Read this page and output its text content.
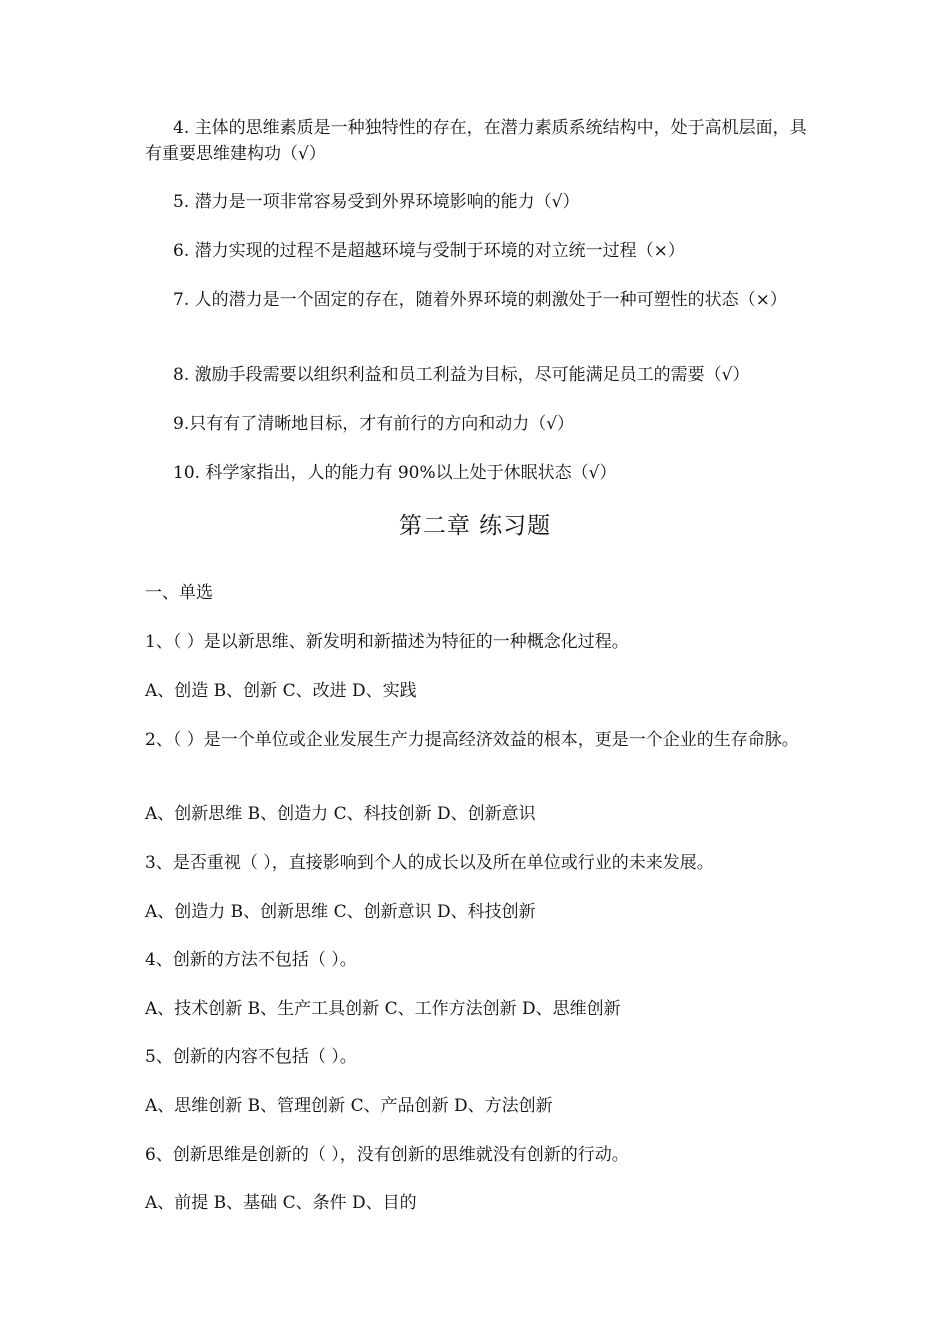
4. 主体的思维素质是一种独特性的存在，在潜力素质系统结构中，处于高机层面，具有重要思维建构功（√）
5. 潜力是一项非常容易受到外界环境影响的能力（√）
6. 潜力实现的过程不是超越环境与受制于环境的对立统一过程（×）
7. 人的潜力是一个固定的存在，随着外界环境的刺激处于一种可塑性的状态（×）
8. 激励手段需要以组织利益和员工利益为目标，尽可能满足员工的需要（√）
9.只有有了清晰地目标，才有前行的方向和动力（√）
10. 科学家指出，人的能力有 90%以上处于休眠状态（√）
第二章 练习题
一、单选
1、（ ）是以新思维、新发明和新描述为特征的一种概念化过程。
A、创造 B、创新 C、改进 D、实践
2、（ ）是一个单位或企业发展生产力提高经济效益的根本，更是一个企业的生存命脉。
A、创新思维 B、创造力 C、科技创新 D、创新意识
3、是否重视（ ），直接影响到个人的成长以及所在单位或行业的未来发展。
A、创造力 B、创新思维 C、创新意识 D、科技创新
4、创新的方法不包括（ ）。
A、技术创新 B、生产工具创新 C、工作方法创新 D、思维创新
5、创新的内容不包括（ ）。
A、思维创新 B、管理创新 C、产品创新 D、方法创新
6、创新思维是创新的（ ），没有创新的思维就没有创新的行动。
A、前提 B、基础 C、条件 D、目的
